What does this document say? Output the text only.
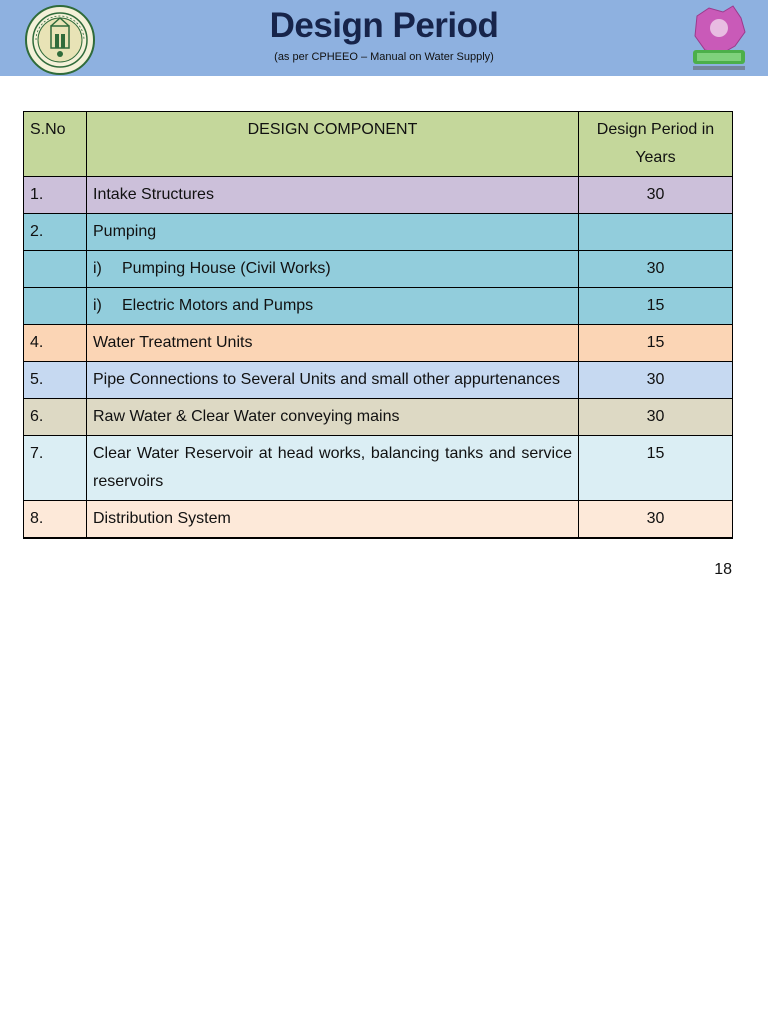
Design Period
(as per CPHEEO – Manual on Water Supply)
S.No	DESIGN COMPONENT	Design Period in Years
1.	Intake Structures	30
2.	Pumping	
	i) Pumping House (Civil Works)	30
	i) Electric Motors and Pumps	15
4.	Water Treatment Units	15
5.	Pipe Connections to Several Units and small other appurtenances	30
6.	Raw Water & Clear Water conveying mains	30
7.	Clear Water Reservoir at head works, balancing tanks and service reservoirs	15
8.	Distribution System	30
18
